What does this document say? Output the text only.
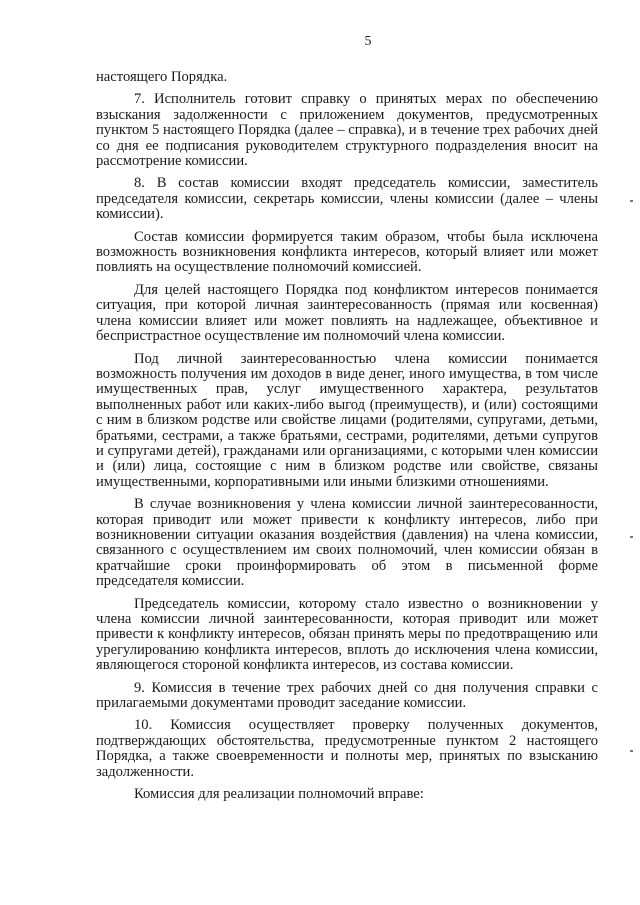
5

настоящего Порядка.

7. Исполнитель готовит справку о принятых мерах по обеспечению взыскания задолженности с приложением документов, предусмотренных пунктом 5 настоящего Порядка (далее – справка), и в течение трех рабочих дней со дня ее подписания руководителем структурного подразделения вносит на рассмотрение комиссии.

8. В состав комиссии входят председатель комиссии, заместитель председателя комиссии, секретарь комиссии, члены комиссии (далее – члены комиссии).

Состав комиссии формируется таким образом, чтобы была исключена возможность возникновения конфликта интересов, который влияет или может повлиять на осуществление полномочий комиссией.

Для целей настоящего Порядка под конфликтом интересов понимается ситуация, при которой личная заинтересованность (прямая или косвенная) члена комиссии влияет или может повлиять на надлежащее, объективное и беспристрастное осуществление им полномочий члена комиссии.

Под личной заинтересованностью члена комиссии понимается возможность получения им доходов в виде денег, иного имущества, в том числе имущественных прав, услуг имущественного характера, результатов выполненных работ или каких-либо выгод (преимуществ), и (или) состоящими с ним в близком родстве или свойстве лицами (родителями, супругами, детьми, братьями, сестрами, а также братьями, сестрами, родителями, детьми супругов и супругами детей), гражданами или организациями, с которыми член комиссии и (или) лица, состоящие с ним в близком родстве или свойстве, связаны имущественными, корпоративными или иными близкими отношениями.

В случае возникновения у члена комиссии личной заинтересованности, которая приводит или может привести к конфликту интересов, либо при возникновении ситуации оказания воздействия (давления) на члена комиссии, связанного с осуществлением им своих полномочий, член комиссии обязан в кратчайшие сроки проинформировать об этом в письменной форме председателя комиссии.

Председатель комиссии, которому стало известно о возникновении у члена комиссии личной заинтересованности, которая приводит или может привести к конфликту интересов, обязан принять меры по предотвращению или урегулированию конфликта интересов, вплоть до исключения члена комиссии, являющегося стороной конфликта интересов, из состава комиссии.

9. Комиссия в течение трех рабочих дней со дня получения справки с прилагаемыми документами проводит заседание комиссии.

10. Комиссия осуществляет проверку полученных документов, подтверждающих обстоятельства, предусмотренные пунктом 2 настоящего Порядка, а также своевременности и полноты мер, принятых по взысканию задолженности.

Комиссия для реализации полномочий вправе:
